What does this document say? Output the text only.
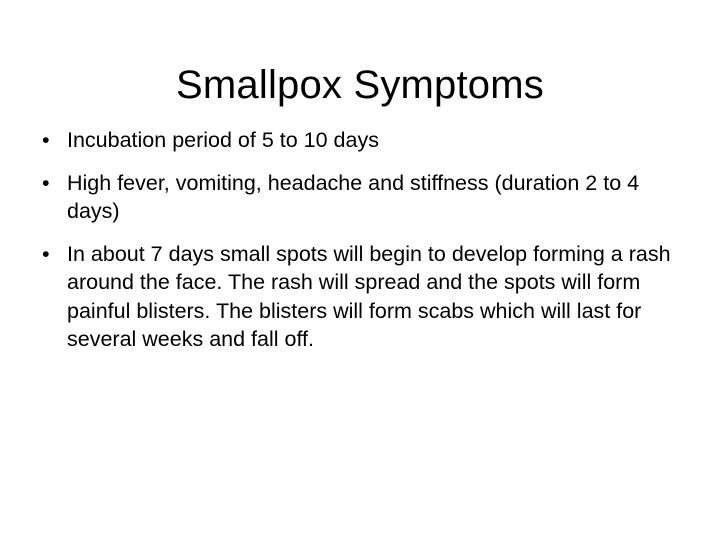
Smallpox Symptoms
• Incubation period of 5 to 10 days
• High fever, vomiting, headache and stiffness (duration 2 to 4 days)
• In about 7 days small spots will begin to develop forming a rash around the face. The rash will spread and the spots will form painful blisters. The blisters will form scabs which will last for several weeks and fall off.
